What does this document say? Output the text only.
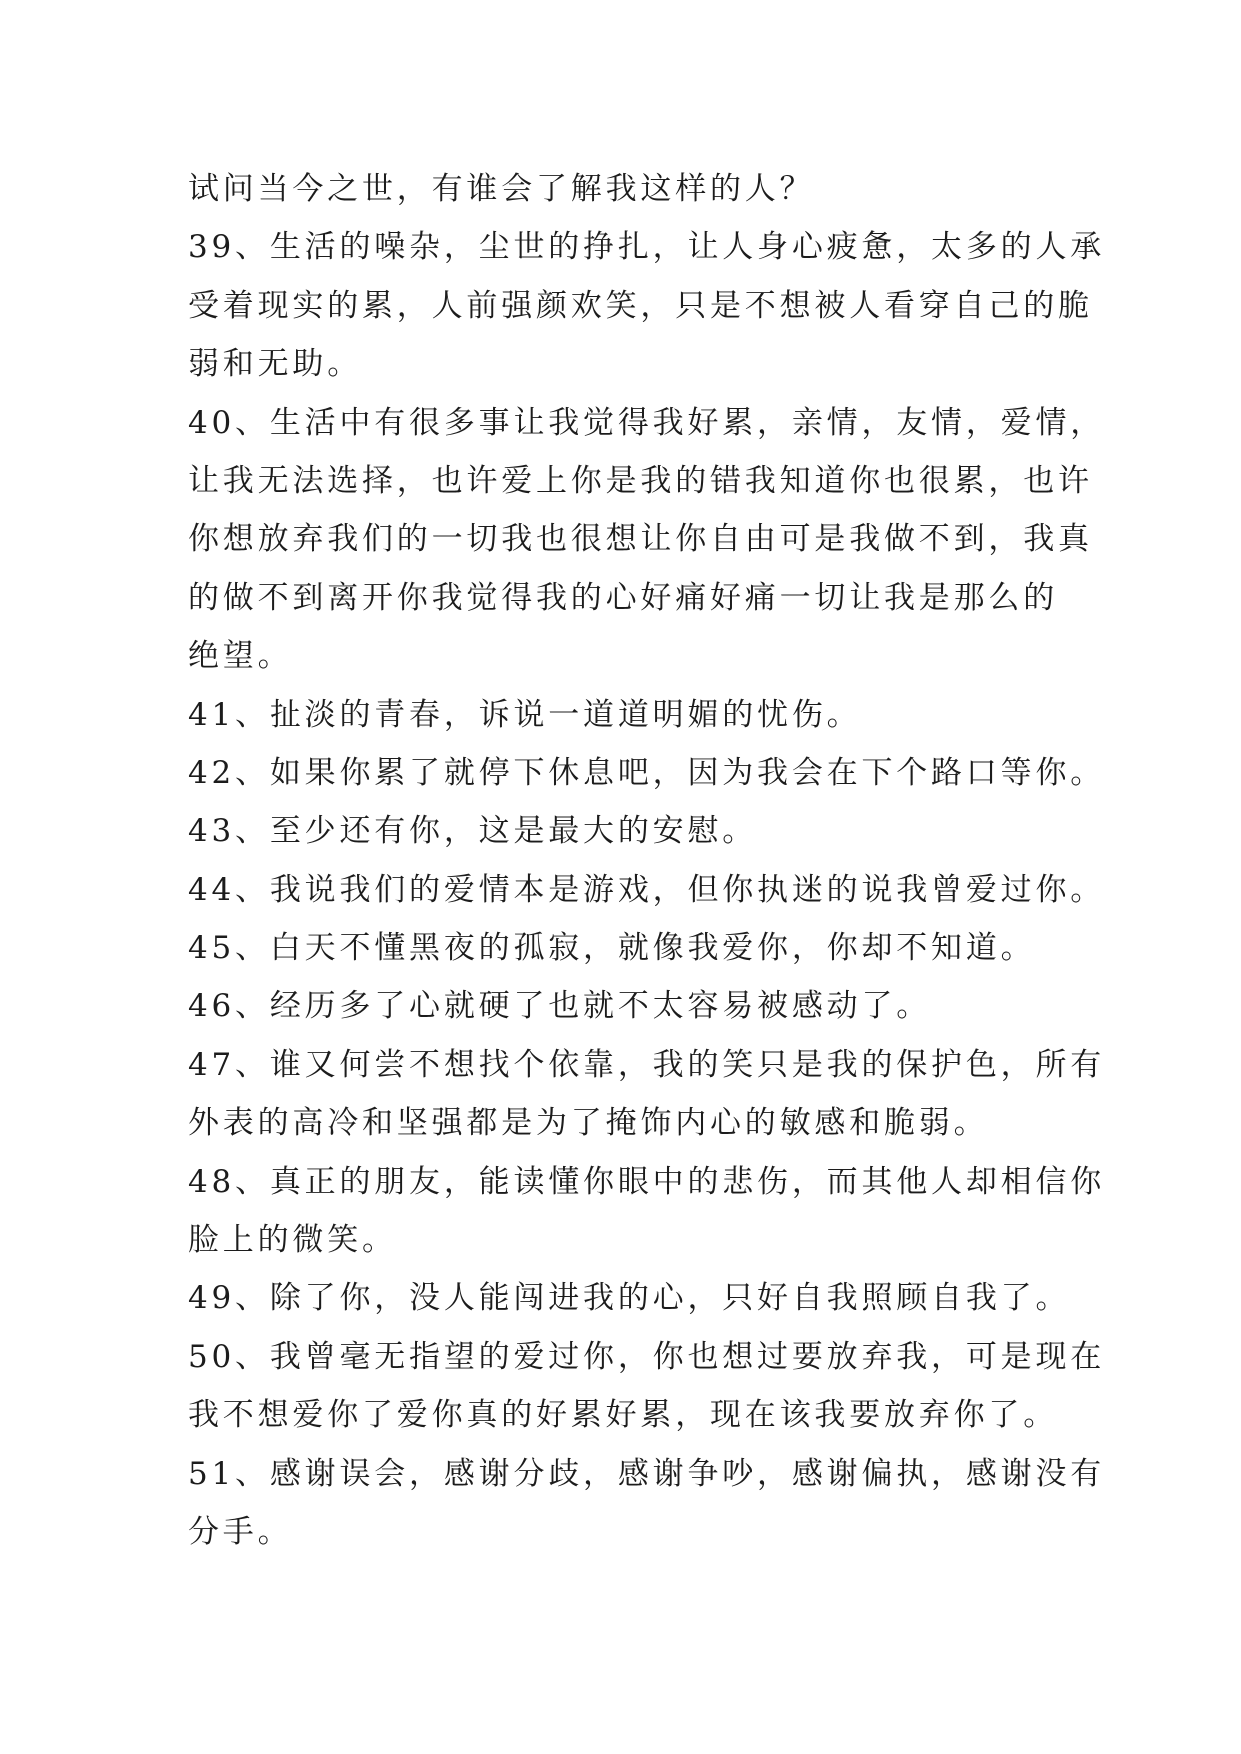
试问当今之世，有谁会了解我这样的人？

39、生活的噪杂，尘世的挣扎，让人身心疲惫，太多的人承

受着现实的累，人前强颜欢笑，只是不想被人看穿自己的脆

弱和无助。

40、生活中有很多事让我觉得我好累，亲情，友情，爱情，

让我无法选择，也许爱上你是我的错我知道你也很累，也许

你想放弃我们的一切我也很想让你自由可是我做不到，我真

的做不到离开你我觉得我的心好痛好痛一切让我是那么的

绝望。

41、扯淡的青春，诉说一道道明媚的忧伤。

42、如果你累了就停下休息吧，因为我会在下个路口等你。

43、至少还有你，这是最大的安慰。

44、我说我们的爱情本是游戏，但你执迷的说我曾爱过你。

45、白天不懂黑夜的孤寂，就像我爱你，你却不知道。

46、经历多了心就硬了也就不太容易被感动了。

47、谁又何尝不想找个依靠，我的笑只是我的保护色，所有

外表的高冷和坚强都是为了掩饰内心的敏感和脆弱。

48、真正的朋友，能读懂你眼中的悲伤，而其他人却相信你

脸上的微笑。

49、除了你，没人能闯进我的心，只好自我照顾自我了。

50、我曾毫无指望的爱过你，你也想过要放弃我，可是现在

我不想爱你了爱你真的好累好累，现在该我要放弃你了。

51、感谢误会，感谢分歧，感谢争吵，感谢偏执，感谢没有

分手。
